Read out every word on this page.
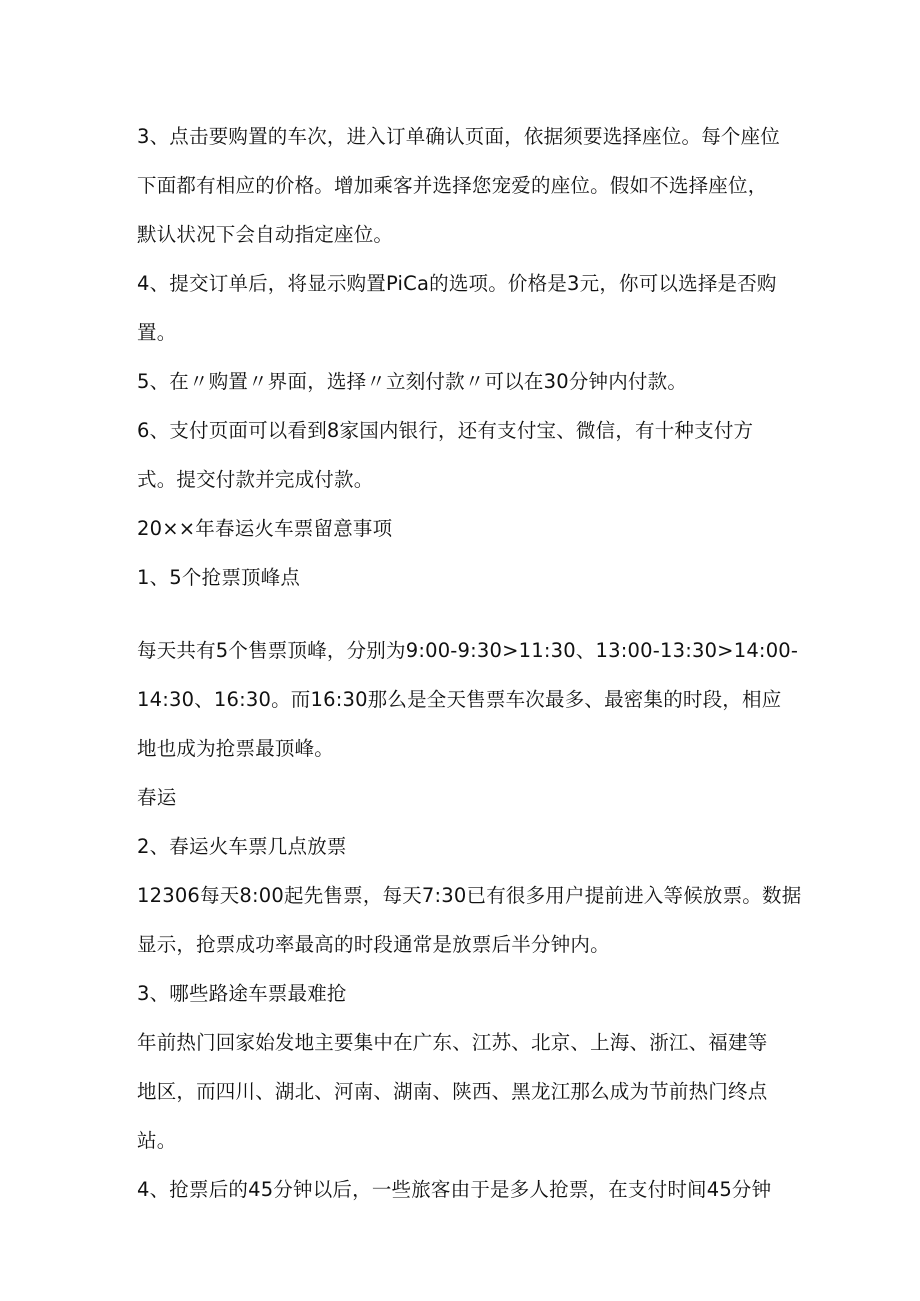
3、点击要购置的车次，进入订单确认页面，依据须要选择座位。每个座位

下面都有相应的价格。增加乘客并选择您宠爱的座位。假如不选择座位，

默认状况下会自动指定座位。

4、提交订单后，将显示购置PiCa的选项。价格是3元，你可以选择是否购

置。

5、在〃购置〃界面，选择〃立刻付款〃可以在30分钟内付款。

6、支付页面可以看到8家国内银行，还有支付宝、微信，有十种支付方

式。提交付款并完成付款。

20××年春运火车票留意事项

1、5个抢票顶峰点

每天共有5个售票顶峰，分别为9:00-9:30>11:30、13:00-13:30>14:00-

14:30、16:30。而16:30那么是全天售票车次最多、最密集的时段，相应

地也成为抢票最顶峰。

春运

2、春运火车票几点放票

12306每天8:00起先售票，每天7:30已有很多用户提前进入等候放票。数据

显示，抢票成功率最高的时段通常是放票后半分钟内。

3、哪些路途车票最难抢

年前热门回家始发地主要集中在广东、江苏、北京、上海、浙江、福建等

地区，而四川、湖北、河南、湖南、陕西、黑龙江那么成为节前热门终点

站。

4、抢票后的45分钟以后，一些旅客由于是多人抢票，在支付时间45分钟
